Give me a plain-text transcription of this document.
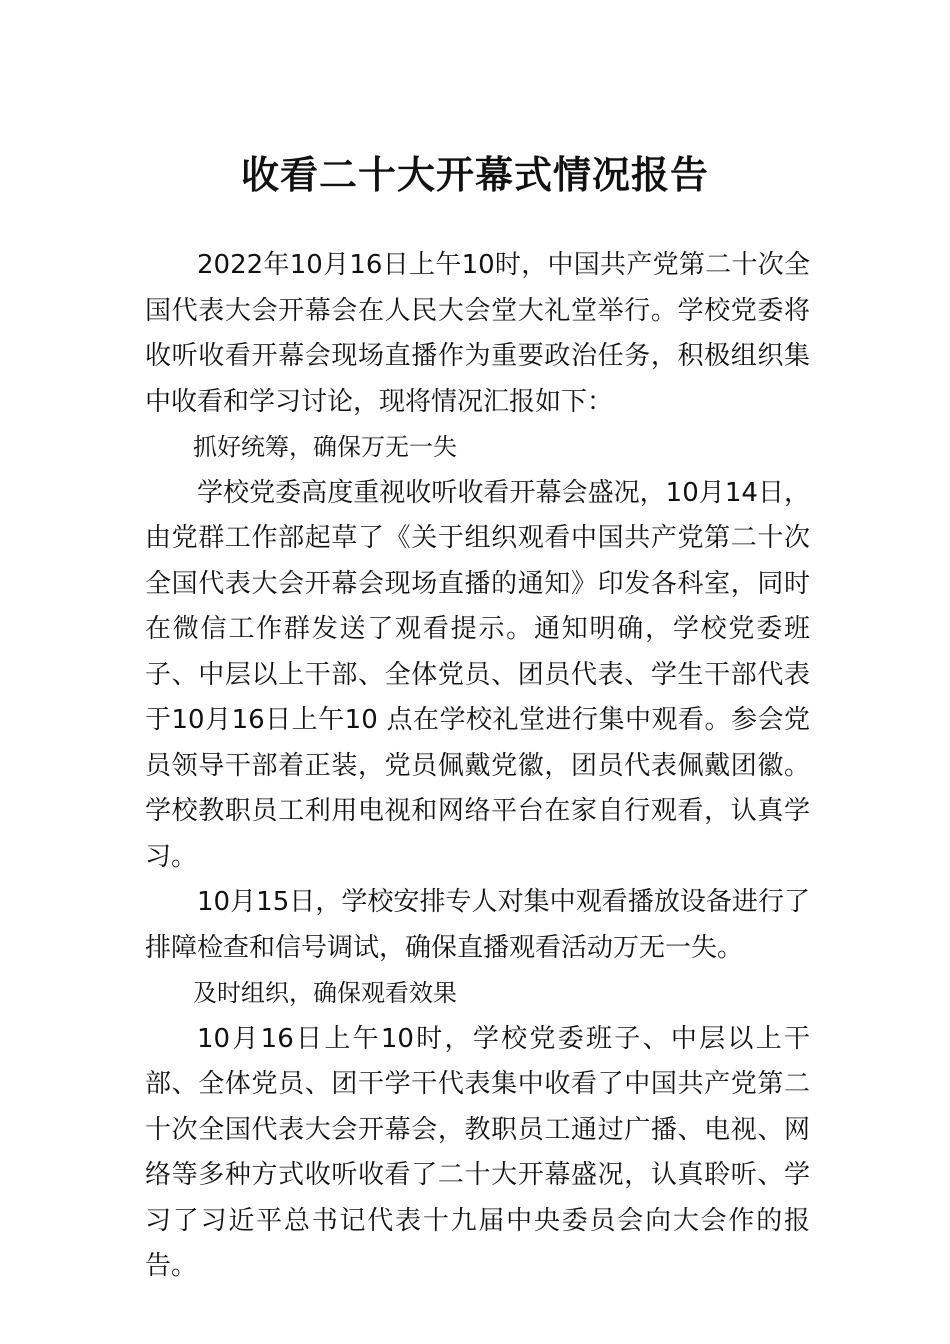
收看二十大开幕式情况报告

2022年10月16日上午10时，中国共产党第二十次全国代表大会开幕会在人民大会堂大礼堂举行。学校党委将收听收看开幕会现场直播作为重要政治任务，积极组织集中收看和学习讨论，现将情况汇报如下：

抓好统筹，确保万无一失

学校党委高度重视收听收看开幕会盛况，10月14日，由党群工作部起草了《关于组织观看中国共产党第二十次全国代表大会开幕会现场直播的通知》印发各科室，同时在微信工作群发送了观看提示。通知明确，学校党委班子、中层以上干部、全体党员、团员代表、学生干部代表于10月16日上午10 点在学校礼堂进行集中观看。参会党员领导干部着正装，党员佩戴党徽，团员代表佩戴团徽。学校教职员工利用电视和网络平台在家自行观看，认真学习。

10月15日，学校安排专人对集中观看播放设备进行了排障检查和信号调试，确保直播观看活动万无一失。

及时组织，确保观看效果

10月16日上午10时，学校党委班子、中层以上干部、全体党员、团干学干代表集中收看了中国共产党第二十次全国代表大会开幕会，教职员工通过广播、电视、网络等多种方式收听收看了二十大开幕盛况，认真聆听、学习了习近平总书记代表十九届中央委员会向大会作的报告。
